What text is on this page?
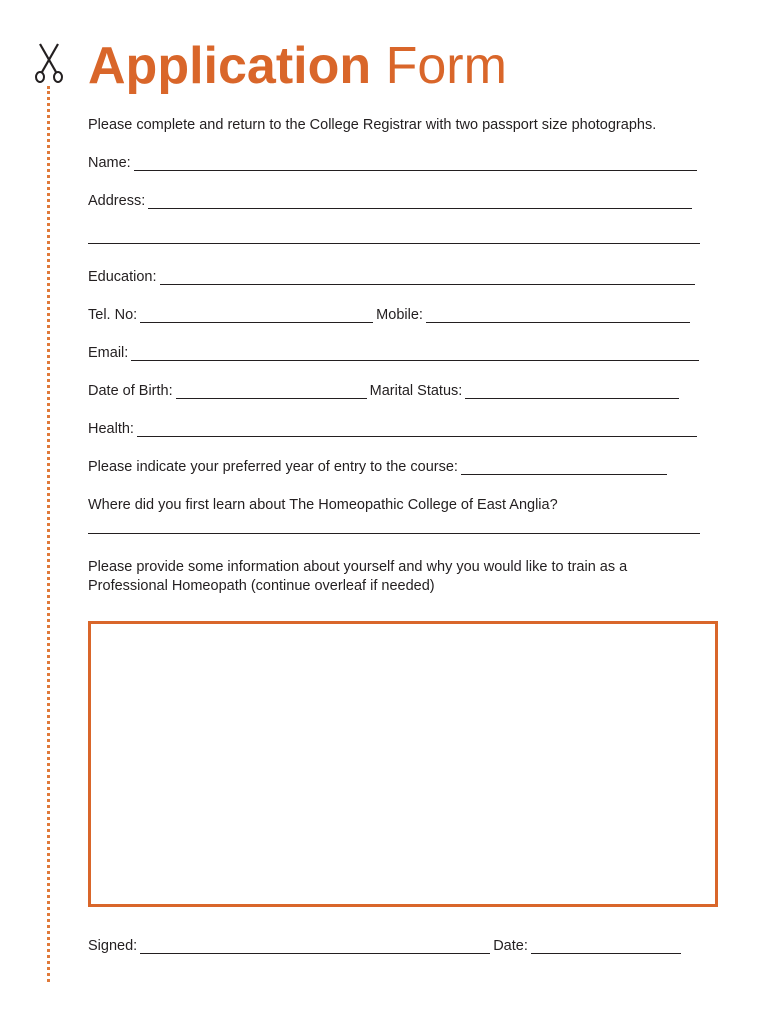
Application Form
Please complete and return to the College Registrar with two passport size photographs.
Name:
Address:
Education:
Tel. No:	Mobile:
Email:
Date of Birth:	Marital Status:
Health:
Please indicate your preferred year of entry to the course:
Where did you first learn about The Homeopathic College of East Anglia?
Please provide some information about yourself and why you would like to train as a
Professional Homeopath (continue overleaf if needed)
Signed:	Date:
